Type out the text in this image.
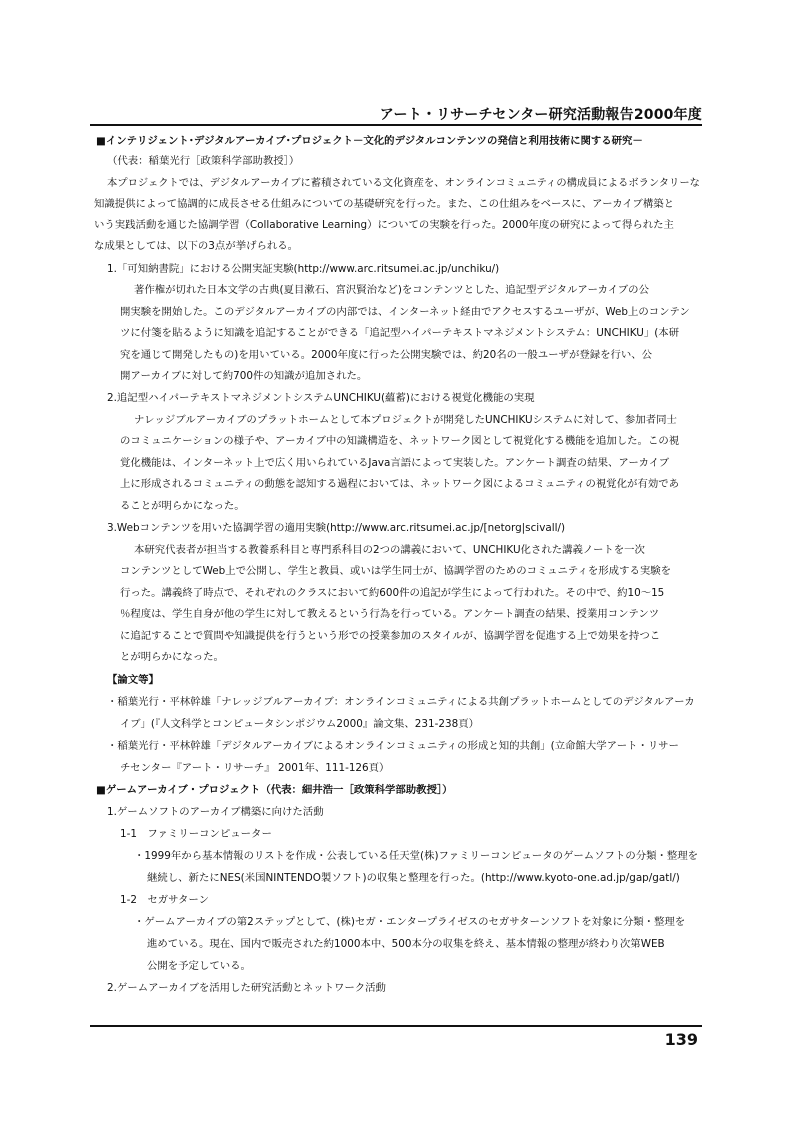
アート・リサーチセンター研究活動報告2000年度
■インテリジェント･デジタルアーカイブ･プロジェクト－文化的デジタルコンテンツの発信と利用技術に関する研究－
（代表：稲葉光行［政策科学部助教授］）
本プロジェクトでは、デジタルアーカイブに蓄積されている文化資産を、オンラインコミュニティの構成員によるボランタリーな
知識提供によって協調的に成長させる仕組みについての基礎研究を行った。また、この仕組みをベースに、アーカイブ構築と
いう実践活動を通じた協調学習（Collaborative Learning）についての実験を行った。2000年度の研究によって得られた主
な成果としては、以下の3点が挙げられる。
1.「可知納書院」における公開実証実験(http://www.arc.ritsumei.ac.jp/unchiku/)
著作権が切れた日本文学の古典(夏目漱石、宮沢賢治など)をコンテンツとした、追記型デジタルアーカイブの公
開実験を開始した。このデジタルアーカイブの内部では、インターネット経由でアクセスするユーザが、Web上のコンテン
ツに付箋を貼るように知識を追記することができる「追記型ハイパーテキストマネジメントシステム：UNCHIKU」(本研
究を通じて開発したもの)を用いている。2000年度に行った公開実験では、約20名の一般ユーザが登録を行い、公
開アーカイブに対して約700件の知識が追加された。
2.追記型ハイパーテキストマネジメントシステムUNCHIKU(蘊蓄)における視覚化機能の実現
ナレッジブルアーカイブのプラットホームとして本プロジェクトが開発したUNCHIKUシステムに対して、参加者同士
のコミュニケーションの様子や、アーカイブ中の知識構造を、ネットワーク図として視覚化する機能を追加した。この視
覚化機能は、インターネット上で広く用いられているJava言語によって実装した。アンケート調査の結果、アーカイブ
上に形成されるコミュニティの動態を認知する過程においては、ネットワーク図によるコミュニティの視覚化が有効であ
ることが明らかになった。
3.Webコンテンツを用いた協調学習の適用実験(http://www.arc.ritsumei.ac.jp/[netorg|scivall/)
本研究代表者が担当する教養系科目と専門系科目の2つの講義において、UNCHIKU化された講義ノートを一次
コンテンツとしてWeb上で公開し、学生と教員、或いは学生同士が、協調学習のためのコミュニティを形成する実験を
行った。講義終了時点で、それぞれのクラスにおいて約600件の追記が学生によって行われた。その中で、約10～15
％程度は、学生自身が他の学生に対して教えるという行為を行っている。アンケート調査の結果、授業用コンテンツ
に追記することで質問や知識提供を行うという形での授業参加のスタイルが、協調学習を促進する上で効果を持つこ
とが明らかになった。
【論文等】
・稲葉光行・平林幹雄「ナレッジブルアーカイブ：オンラインコミュニティによる共創プラットホームとしてのデジタルアーカ
イブ」(『人文科学とコンピュータシンポジウム2000』論文集、231-238頁）
・稲葉光行・平林幹雄「デジタルアーカイブによるオンラインコミュニティの形成と知的共創」(立命館大学アート・リサー
チセンター『アート・リサーチ』 2001年、111-126頁）
■ゲームアーカイブ・プロジェクト（代表：細井浩一［政策科学部助教授］）
1.ゲームソフトのアーカイブ構築に向けた活動
1-1　ファミリーコンピューター
・1999年から基本情報のリストを作成・公表している任天堂(株)ファミリーコンピュータのゲームソフトの分類・整理を
継続し、新たにNES(米国NINTENDO製ソフト)の収集と整理を行った。(http://www.kyoto-one.ad.jp/gap/gatl/)
1-2　セガサターン
・ゲームアーカイブの第2ステップとして、(株)セガ・エンタープライゼスのセガサターンソフトを対象に分類・整理を
進めている。現在、国内で販売された約1000本中、500本分の収集を終え、基本情報の整理が終わり次第WEB
公開を予定している。
2.ゲームアーカイブを活用した研究活動とネットワーク活動
139
